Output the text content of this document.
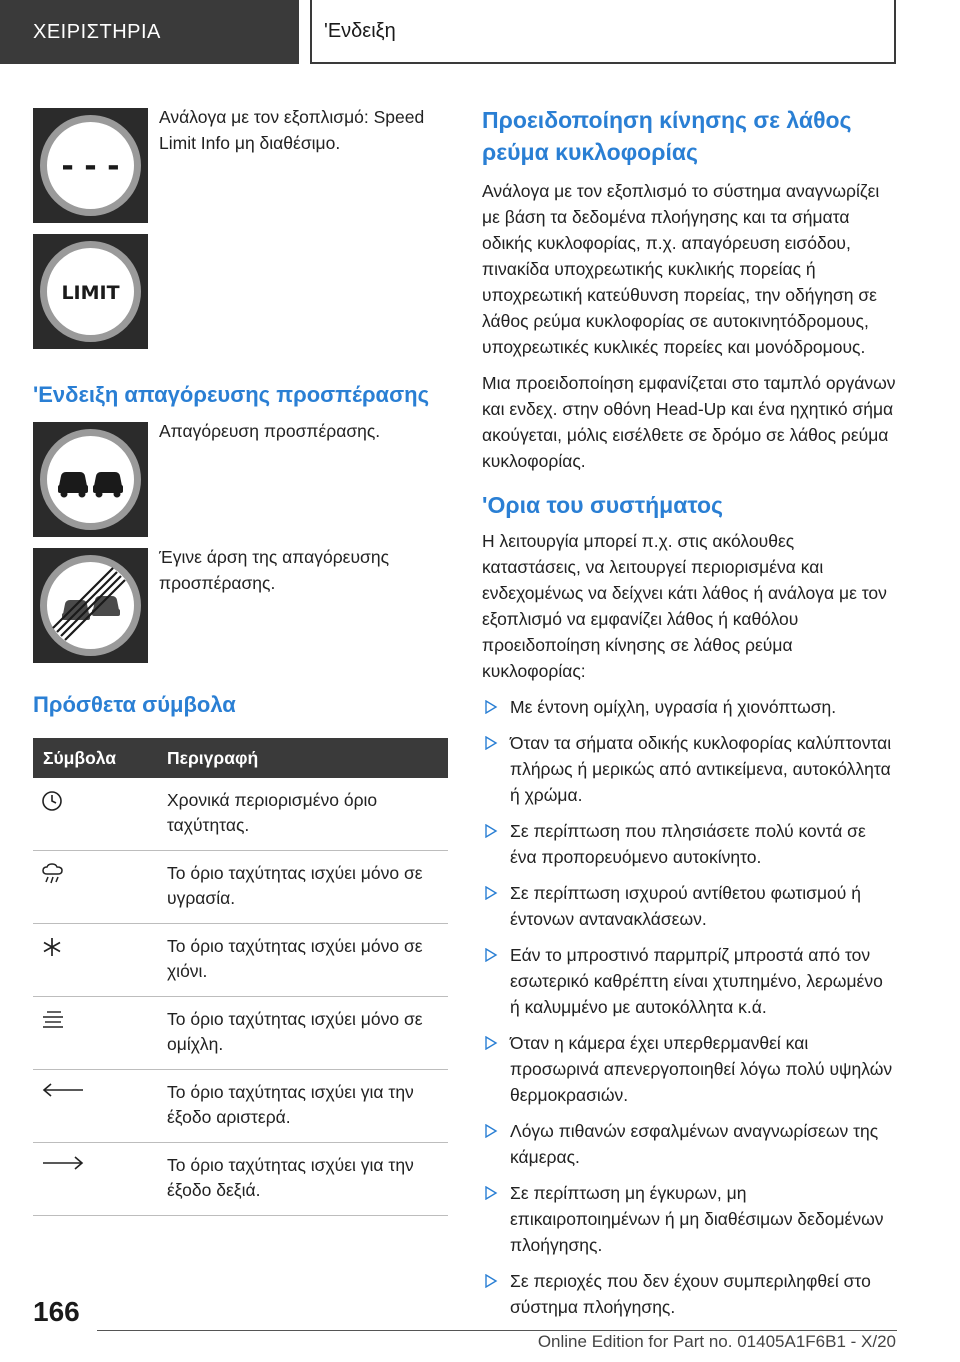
ΧΕΙΡΙΣΤΗΡΙΑ	'Ενδειξη
- - -
Ανάλογα με τον εξοπλισμό: Speed Limit Info μη διαθέσιμο.
LIMIT
'Ενδειξη απαγόρευσης προσπέρασης
Απαγόρευση προσπέρασης.
Έγινε άρση της απαγόρευσης προσπέρασης.
Πρόσθετα σύμβολα
Σύμβολα	Περιγραφή

	Χρονικά περιορισμένο όριο ταχύτητας.

	Το όριο ταχύτητας ισχύει μόνο σε υγρασία.

	Το όριο ταχύτητας ισχύει μόνο σε χιόνι.

	Το όριο ταχύτητας ισχύει μόνο σε ομίχλη.

	Το όριο ταχύτητας ισχύει για την έξοδο αριστερά.

	Το όριο ταχύτητας ισχύει για την έξοδο δεξιά.
Προειδοποίηση κίνησης σε λάθος ρεύμα κυκλοφορίας

Ανάλογα με τον εξοπλισμό το σύστημα αναγνωρίζει με βάση τα δεδομένα πλοήγησης και τα σήματα οδικής κυκλοφορίας, π.χ. απαγόρευση εισόδου, πινακίδα υποχρεωτικής κυκλικής πορείας ή υποχρεωτική κατεύθυνση πορείας, την οδήγηση σε λάθος ρεύμα κυκλοφορίας σε αυτοκινητόδρομους, υποχρεωτικές κυκλικές πορείες και μονόδρομους.

Μια προειδοποίηση εμφανίζεται στο ταμπλό οργάνων και ενδεχ. στην οθόνη Head-Up και ένα ηχητικό σήμα ακούγεται, μόλις εισέλθετε σε δρόμο σε λάθος ρεύμα κυκλοφορίας.

'Ορια του συστήματος

Η λειτουργία μπορεί π.χ. στις ακόλουθες καταστάσεις, να λειτουργεί περιορισμένα και ενδεχομένως να δείχνει κάτι λάθος ή ανάλογα με τον εξοπλισμό να εμφανίζει λάθος ή καθόλου προειδοποίηση κίνησης σε λάθος ρεύμα κυκλοφορίας:

Με έντονη ομίχλη, υγρασία ή χιονόπτωση.
Όταν τα σήματα οδικής κυκλοφορίας καλύπτονται πλήρως ή μερικώς από αντικείμενα, αυτοκόλλητα ή χρώμα.
Σε περίπτωση που πλησιάσετε πολύ κοντά σε ένα προπορευόμενο αυτοκίνητο.
Σε περίπτωση ισχυρού αντίθετου φωτισμού ή έντονων αντανακλάσεων.
Εάν το μπροστινό παρμπρίζ μπροστά από τον εσωτερικό καθρέπτη είναι χτυπημένο, λερωμένο ή καλυμμένο με αυτοκόλλητα κ.ά.
Όταν η κάμερα έχει υπερθερμανθεί και προσωρινά απενεργοποιηθεί λόγω πολύ υψηλών θερμοκρασιών.
Λόγω πιθανών εσφαλμένων αναγνωρίσεων της κάμερας.
Σε περίπτωση μη έγκυρων, μη επικαιροποιημένων ή μη διαθέσιμων δεδομένων πλοήγησης.
Σε περιοχές που δεν έχουν συμπεριληφθεί στο σύστημα πλοήγησης.
166
Online Edition for Part no. 01405A1F6B1 - X/20
